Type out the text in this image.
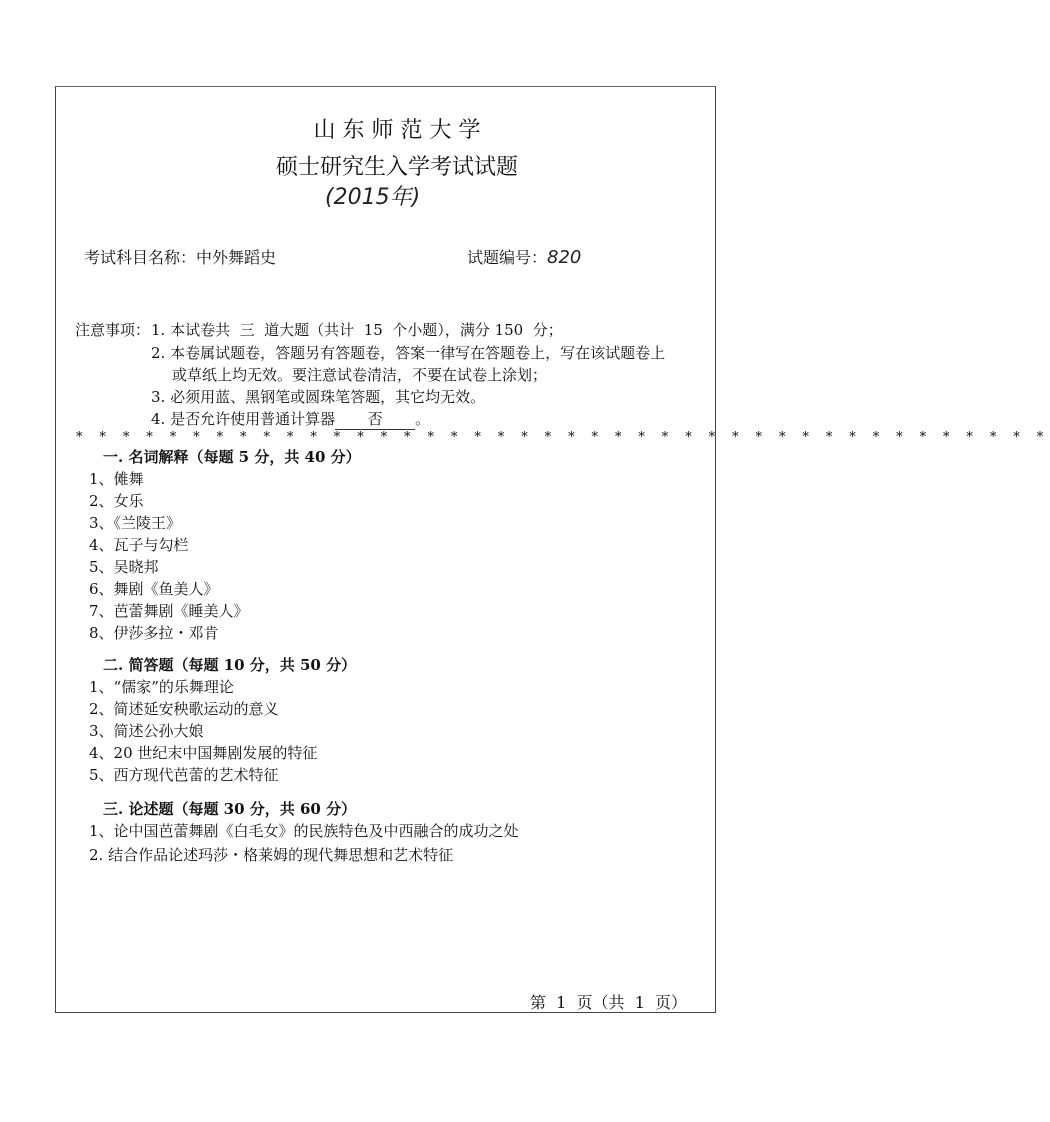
山 东 师 范 大 学
硕士研究生入学考试试题
(2015年)
考试科目名称：中外舞蹈史	试题编号：820
注意事项： 1. 本试卷共  三  道大题（共计  15  个小题），满分 150  分；
2. 本卷属试题卷，答题另有答题卷，答案一律写在答题卷上，写在该试题卷上
或草纸上均无效。要注意试卷清洁，不要在试卷上涂划；
3. 必须用蓝、黑钢笔或圆珠笔答题，其它均无效。
4. 是否允许使用普通计算器 否 。
* * * * * * * * * * * * * * * * * * * * * * * * * * * * * * * * * * * * * * * * * *
一. 名词解释（每题 5 分，共 40 分）
1、傩舞
2、女乐
3、《兰陵王》
4、瓦子与勾栏
5、吴晓邦
6、舞剧《鱼美人》
7、芭蕾舞剧《睡美人》
8、伊莎多拉・邓肯
二. 简答题（每题 10 分，共 50 分）
1、“儒家”的乐舞理论
2、简述延安秧歌运动的意义
3、简述公孙大娘
4、20 世纪末中国舞剧发展的特征
5、西方现代芭蕾的艺术特征
三. 论述题（每题 30 分，共 60 分）
1、论中国芭蕾舞剧《白毛女》的民族特色及中西融合的成功之处
2. 结合作品论述玛莎・格莱姆的现代舞思想和艺术特征
第  1  页（共  1  页）
